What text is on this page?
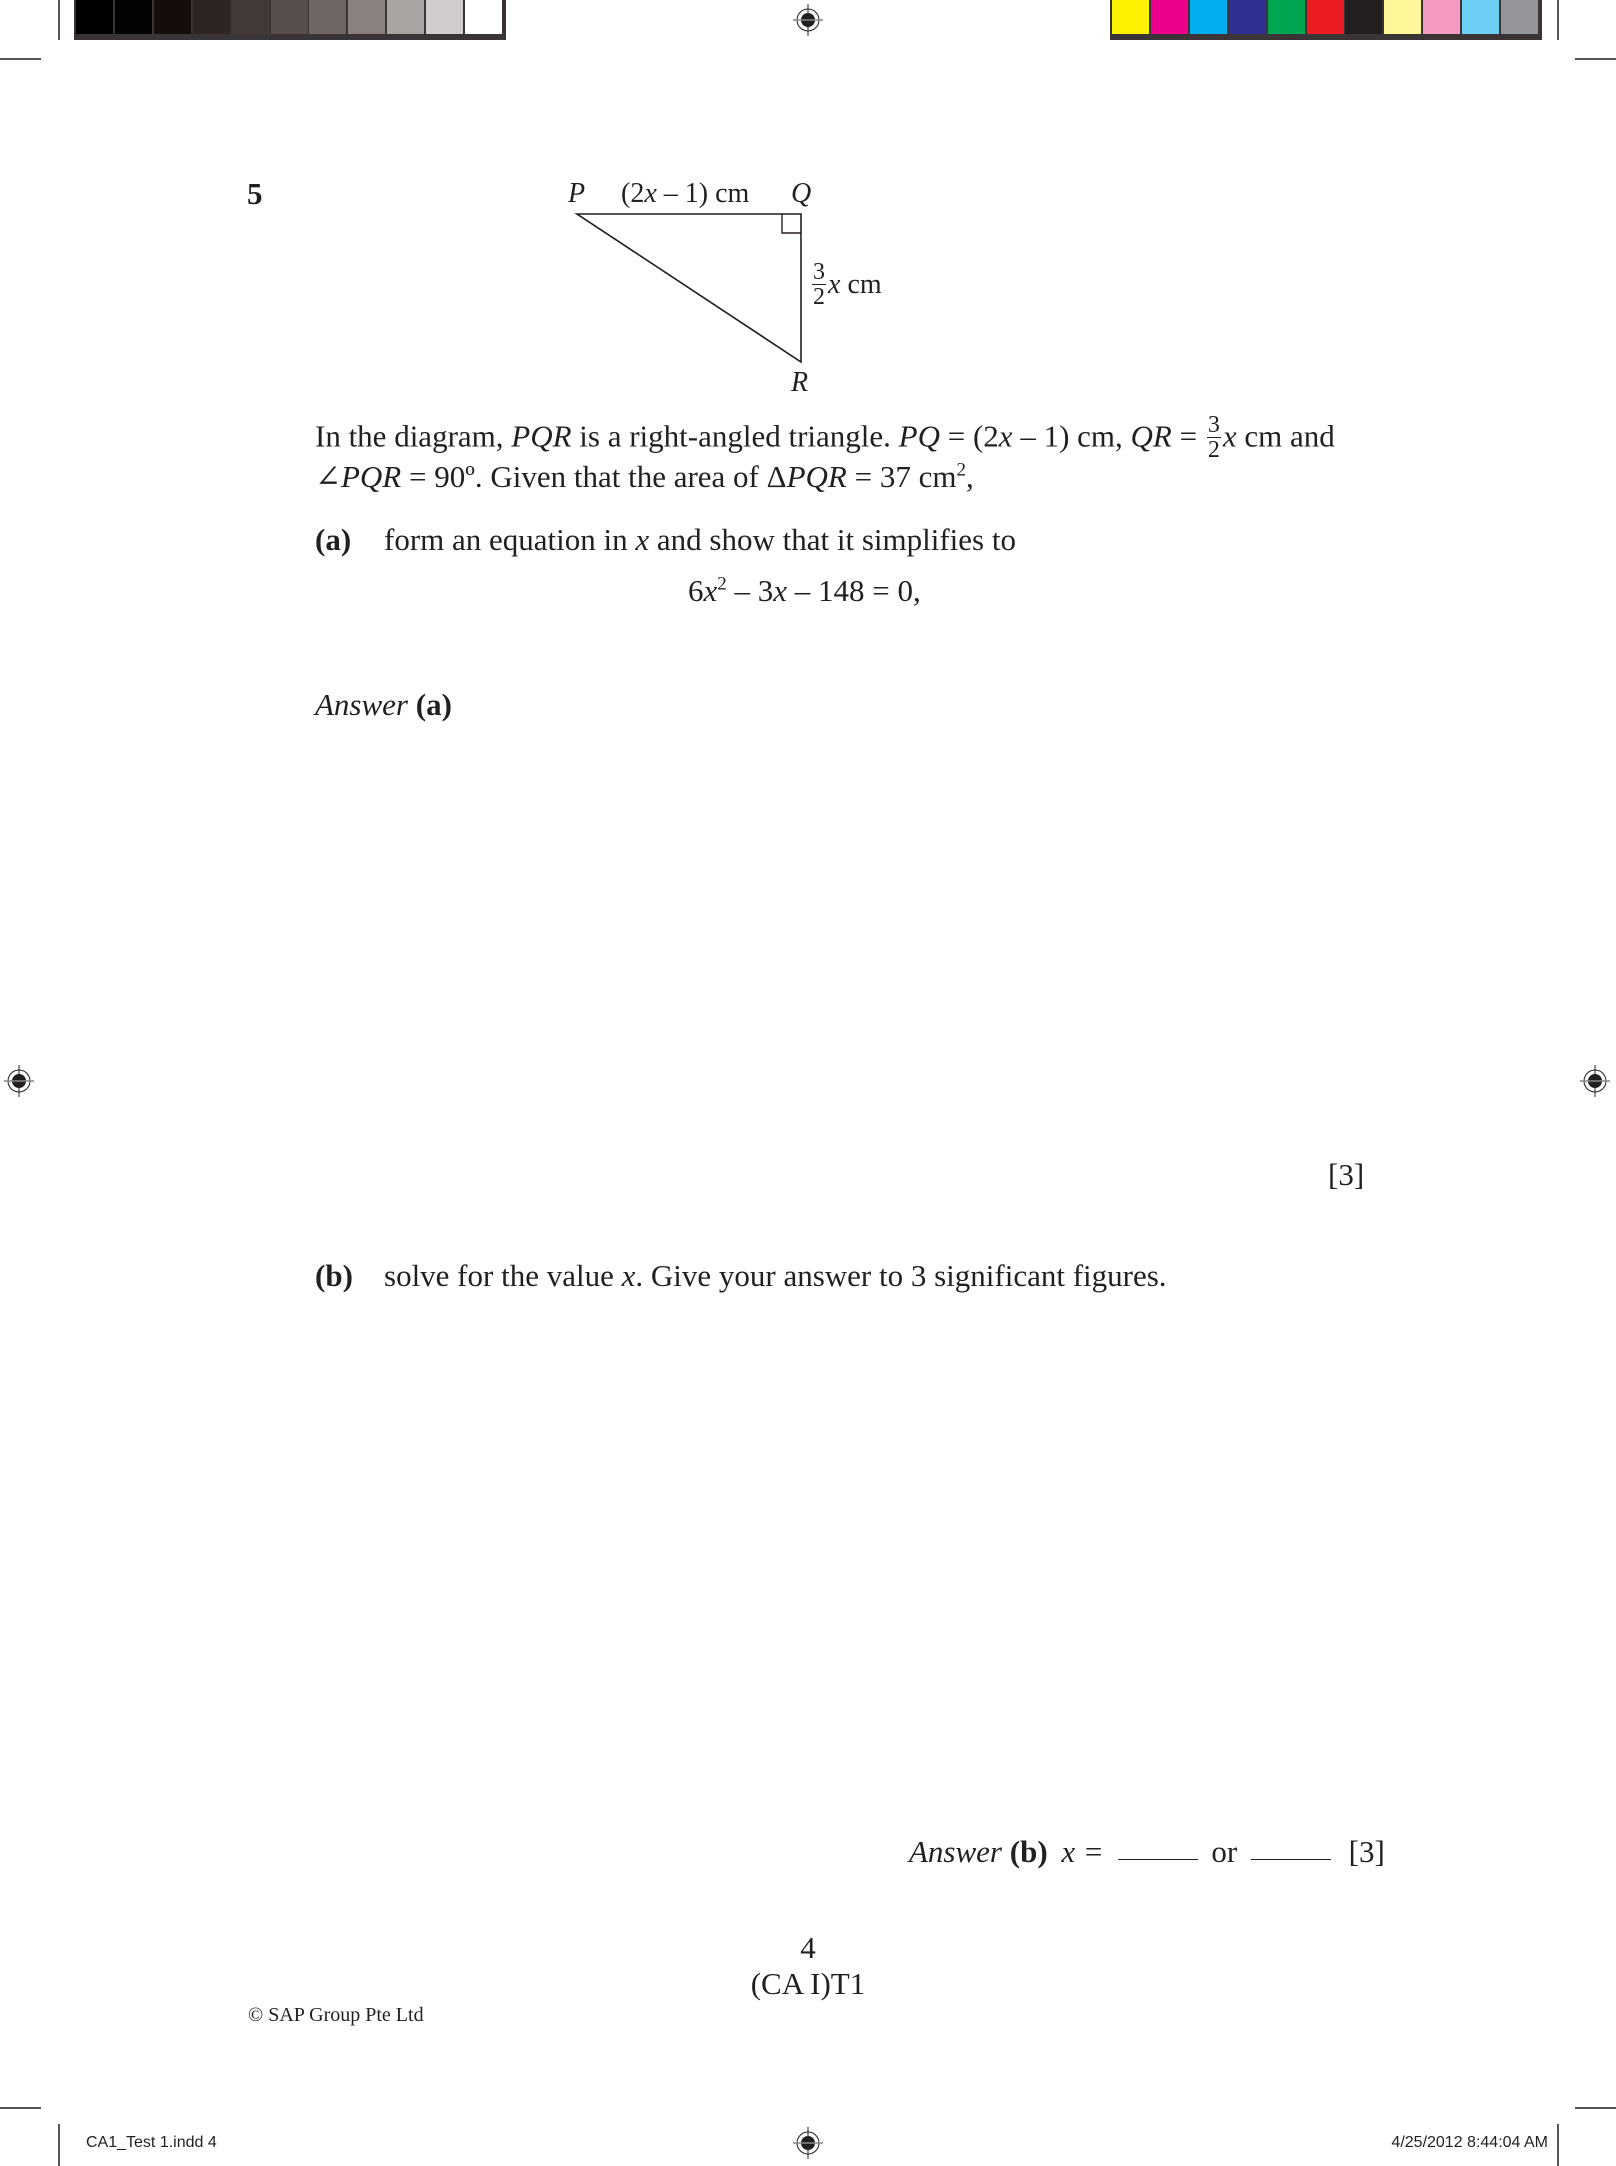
5	P (2x – 1) cm Q
$\frac{3}{2}$ x cm
R
In the diagram, PQR is a right-angled triangle. PQ = (2x – 1) cm, QR = $\frac{3}{2}$ x cm and
∠PQR = 90º. Given that the area of ΔPQR = 37 $cm^2$,
(a) form an equation in x and show that it simplifies to
$6x^2 - 3x - 148 = 0$,
Answer (a)
[3]
(b) solve for the value x. Give your answer to 3 significant figures.
Answer (b) x =	or	[3]
4
(CA I)T1
© SAP Group Pte Ltd
CA1_Test 1.indd 4	4/25/2012 8:44:04 AM
